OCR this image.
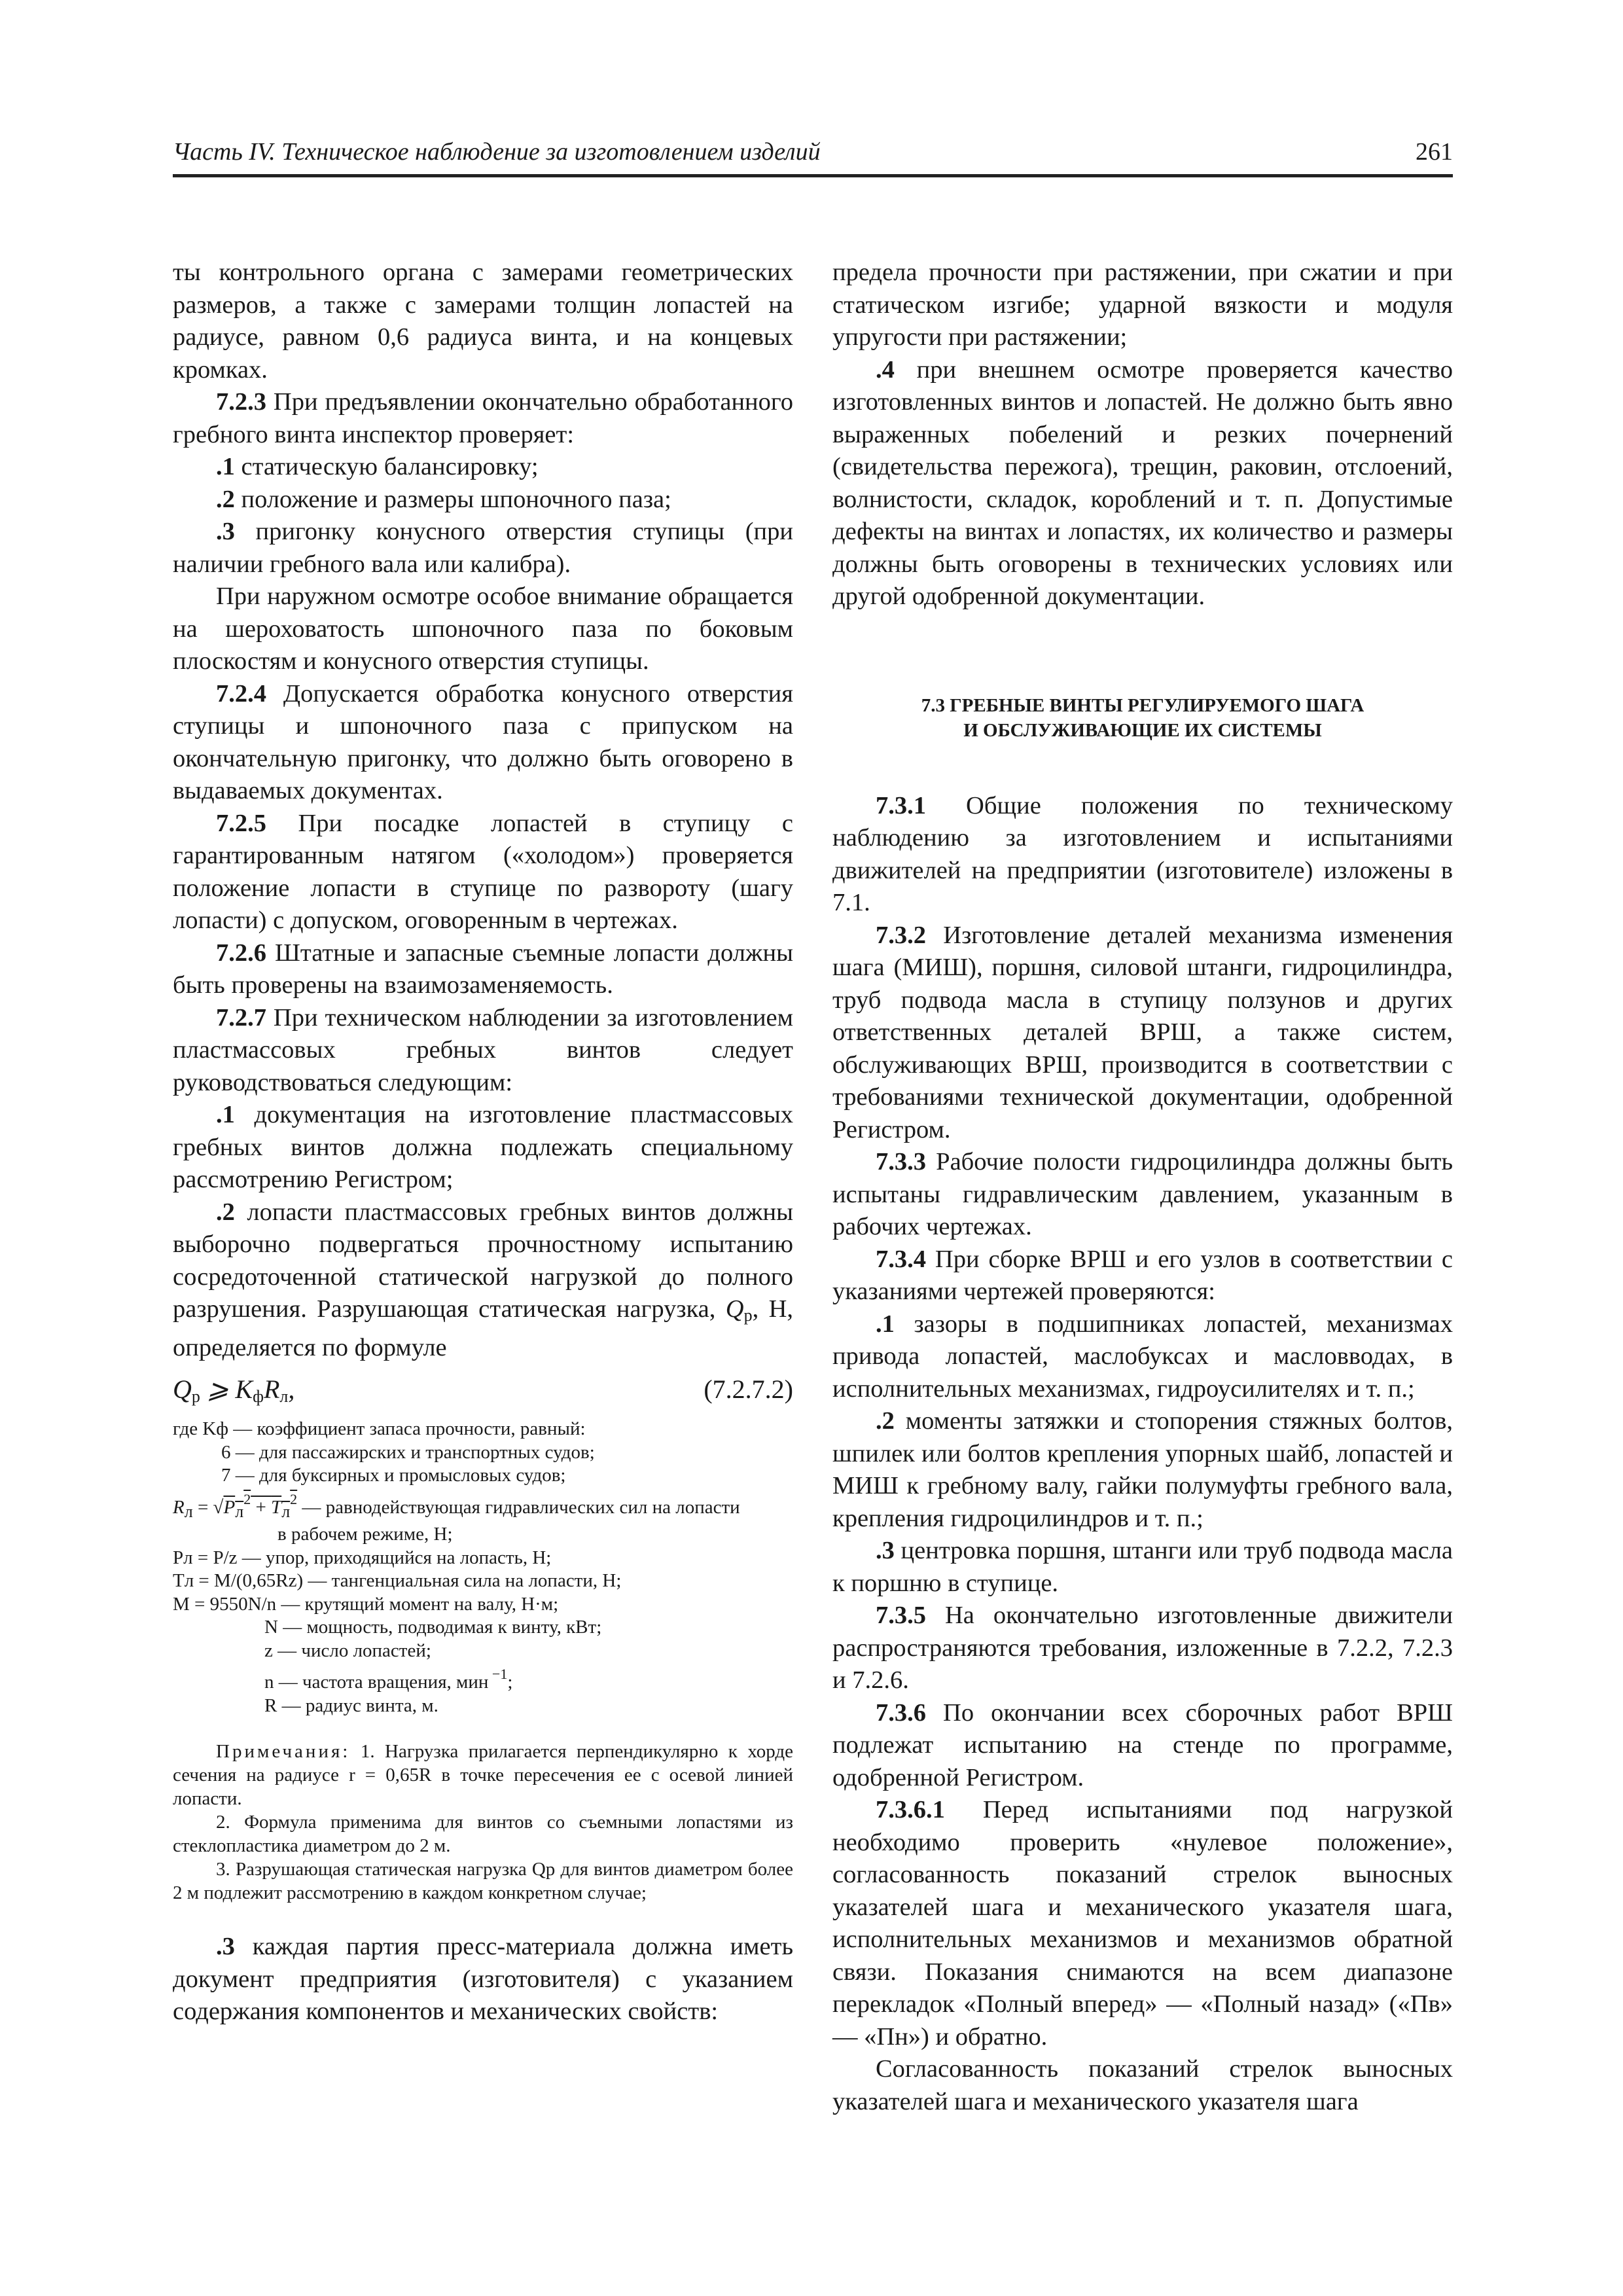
Часть IV. Техническое наблюдение за изготовлением изделий	261

ты контрольного органа с замерами геометрических размеров, а также с замерами толщин лопастей на радиусе, равном 0,6 радиуса винта, и на концевых кромках.

7.2.3 При предъявлении окончательно обработанного гребного винта инспектор проверяет:

.1 статическую балансировку;

.2 положение и размеры шпоночного паза;

.3 пригонку конусного отверстия ступицы (при наличии гребного вала или калибра).

При наружном осмотре особое внимание обращается на шероховатость шпоночного паза по боковым плоскостям и конусного отверстия ступицы.

7.2.4 Допускается обработка конусного отверстия ступицы и шпоночного паза с припуском на окончательную пригонку, что должно быть оговорено в выдаваемых документах.

7.2.5 При посадке лопастей в ступицу с гарантированным натягом («холодом») проверяется положение лопасти в ступице по развороту (шагу лопасти) с допуском, оговоренным в чертежах.

7.2.6 Штатные и запасные съемные лопасти должны быть проверены на взаимозаменяемость.

7.2.7 При техническом наблюдении за изготовлением пластмассовых гребных винтов следует руководствоваться следующим:

.1 документация на изготовление пластмассовых гребных винтов должна подлежать специальному рассмотрению Регистром;

.2 лопасти пластмассовых гребных винтов должны выборочно подвергаться прочностному испытанию сосредоточенной статической нагрузкой до полного разрушения. Разрушающая статическая нагрузка, $Q_р$, Н, определяется по формуле

$Q_р$ ⩾ $K_фR_л$,	(7.2.7.2)

где Kф — коэффициент запаса прочности, равный:

6 — для пассажирских и транспортных судов;

7 — для буксирных и промысловых судов;

Rл = $√Pл^2 + Tл^2$ — равнодействующая гидравлических сил на лопасти

в рабочем режиме, Н;

Pл = P/z — упор, приходящийся на лопасть, Н;

Tл = M/(0,65Rz) — тангенциальная сила на лопасти, Н;

M = 9550N/n — крутящий момент на валу, Н·м;

N — мощность, подводимая к винту, кВт;

z — число лопастей;

n — частота вращения, мин $^{-1}$;

R — радиус винта, м.

Примечания: 1. Нагрузка прилагается перпендикулярно к хорде сечения на радиусе r = 0,65R в точке пересечения ее с осевой линией лопасти.

2. Формула применима для винтов со съемными лопастями из стеклопластика диаметром до 2 м.

3. Разрушающая статическая нагрузка Qр для винтов диаметром более 2 м подлежит рассмотрению в каждом конкретном случае;

.3 каждая партия пресс-материала должна иметь документ предприятия (изготовителя) с указанием содержания компонентов и механических свойств:

предела прочности при растяжении, при сжатии и при статическом изгибе; ударной вязкости и модуля упругости при растяжении;

.4 при внешнем осмотре проверяется качество изготовленных винтов и лопастей. Не должно быть явно выраженных побелений и резких почернений (свидетельства пережога), трещин, раковин, отслоений, волнистости, складок, короблений и т. п. Допустимые дефекты на винтах и лопастях, их количество и размеры должны быть оговорены в технических условиях или другой одобренной документации.

7.3 ГРЕБНЫЕ ВИНТЫ РЕГУЛИРУЕМОГО ШАГА
И ОБСЛУЖИВАЮЩИЕ ИХ СИСТЕМЫ

7.3.1 Общие положения по техническому наблюдению за изготовлением и испытаниями движителей на предприятии (изготовителе) изложены в 7.1.

7.3.2 Изготовление деталей механизма изменения шага (МИШ), поршня, силовой штанги, гидроцилиндра, труб подвода масла в ступицу ползунов и других ответственных деталей ВРШ, а также систем, обслуживающих ВРШ, производится в соответствии с требованиями технической документации, одобренной Регистром.

7.3.3 Рабочие полости гидроцилиндра должны быть испытаны гидравлическим давлением, указанным в рабочих чертежах.

7.3.4 При сборке ВРШ и его узлов в соответствии с указаниями чертежей проверяются:

.1 зазоры в подшипниках лопастей, механизмах привода лопастей, маслобуксах и масловводах, в исполнительных механизмах, гидроусилителях и т. п.;

.2 моменты затяжки и стопорения стяжных болтов, шпилек или болтов крепления упорных шайб, лопастей и МИШ к гребному валу, гайки полумуфты гребного вала, крепления гидроцилиндров и т. п.;

.3 центровка поршня, штанги или труб подвода масла к поршню в ступице.

7.3.5 На окончательно изготовленные движители распространяются требования, изложенные в 7.2.2, 7.2.3 и 7.2.6.

7.3.6 По окончании всех сборочных работ ВРШ подлежат испытанию на стенде по программе, одобренной Регистром.

7.3.6.1 Перед испытаниями под нагрузкой необходимо проверить «нулевое положение», согласованность показаний стрелок выносных указателей шага и механического указателя шага, исполнительных механизмов и механизмов обратной связи. Показания снимаются на всем диапазоне перекладок «Полный вперед» — «Полный назад» («Пв» — «Пн») и обратно.

Согласованность показаний стрелок выносных указателей шага и механического указателя шага
